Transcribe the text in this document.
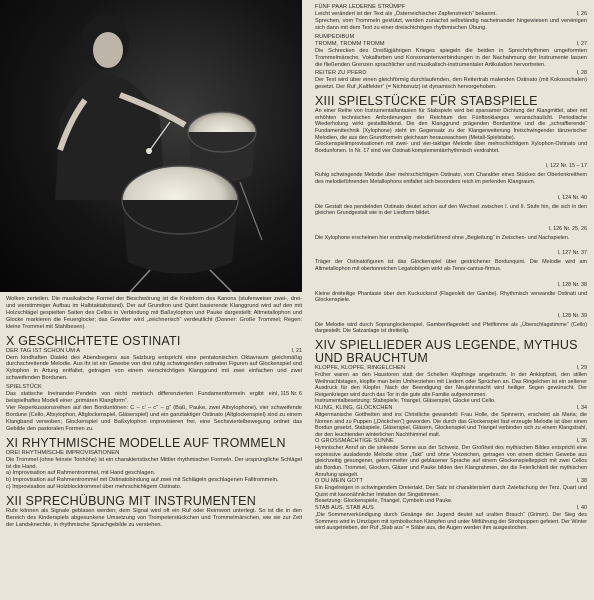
Wolken zerteilen. Die musikalische Formel der Beschwörung ist die Kreisform des Kanons (stufenweiser zwei-, drei- und vierstimmiger Aufbau im Halbtaktabstand). Der auf Grundton und Quint basierende Klanggrund wird auf den mit Holzschlägel gespielten Saiten des Cellos in Verbindung mit Baßxylophon und Pauke dargestellt; Altmetallophon und Glocke markieren die Feuerglocke; das Gewitter wird „zeichnerisch“ verdeutlicht (Donner: Große Trommel; Regen: kleine Trommel mit Stahlbesen).

X GESCHICHTETE OSTINATI
I, 21

DER TAG IST SCHON UM A

Dem kindhaften Dialekt des Abendsegens aus Salzburg entspricht eine pentatonischen Oktavraum gleichmäßig durchschreitende Melodie. Aus ihr ist ein Gewebe von drei ruhig schwingenden ostinaten Figuren auf Glockenspiel und Xylophon in Artung entfaltet, getragen von einem vierschichtigen Klanggrund mit zwei einfachen und zwei schweifenden Bordunen.

SPIELSTÜCK

I, 115 Nr. 6

Das statische Ineinander-Pendeln von nicht metrisch differenzierten Fundamentformeln ergibt ein beispielhaftes Modell einer „primären Klangform“.

Vier Reperkussionsreihen auf den Borduntönen: C – c' – c'' – g'' (Baß, Pauke, zwei Altxylophone), vier schweifende Bordune (Cello, Altxylophon, Altglockenspiel, Gläserspiel) und ein ganztaktiger Ostinato (Altglockenspiel) sind zu einem Klangband verwoben; Glockenspiel und Baßxylophon improvisieren frei, eine Sechsviertelbewegung ordnet das Gebilde den pastoralen Formen zu.

XI RHYTHMISCHE MODELLE AUF TROMMELN

DREI RHYTHMISCHE IMPROVISATIONEN

Die Trommel (ohne feinste Tonhöhe) ist ein charakteristischer Mittler rhythmischer Formeln. Der ursprüngliche Schlägel ist die Hand.

a) Improvisation auf Rahmentrommel, mit Hand geschlagen.
b) Improvisation auf Rahmentrommel mit Ostinatobindung auf zwei mit Schlägeln geschlagenen Falltrommeln.
c) Improvisation auf Holzblocktrommel über mehrschichtigem Ostinato.
XII SPRECHÜBUNG MIT INSTRUMENTEN

Rufe können als Signale geblasen werden; dem Signal wird oft ein Ruf oder Reimwort unterlegt. So ist die in den Bereich des Kinderspiels abgesunkene Umsetzung von Trompeterstückchen und Trommelmärschen, wie sie zur Zeit der Landsknechte, in rhythmische Sprachgebilde zu verstehen.

FÜNF PAAR LEDERNE STRÜMPF

I, 26

Leicht verändert ist der Text als „Österreichischer Zapfenstreich“ bekannt.

Sprechen, vom Trommeln gestützt, werden zunächst selbständig nacheinander hingewiesen und vereinigen sich dann mit dem Text zu einer dreischichtigen rhythmischen Übung.

RUMPEDIBUM

I, 27

TROMM, TROMM TROMM

Die Schrecken des Dreißigjährigen Krieges spiegeln die beiden in Sprechrhythmen umgeformten Trommelmärsche. Vokalfarben und Konsonantenverbindungen in der Nachahmung der Instrumente lassen die fließenden Grenzen sprachlicher und musikalisch-instrumentaler Artikulation hervortreten.

I, 28

REITER ZU PFERD

Der Text wird über einen gleichförmig durchlaufenden, den Reitertrab malenden Ostinato (mit Kokosschalen) gesetzt. Der Ruf „Kaltfekter“ (= Nichtsnutz) ist dynamisch hervorgehoben.

XIII SPIELSTÜCKE FÜR STABSPIELE

An einer Reihe von Instrumentalfantasien für Stabspiele wird bei sparsamer Dichtung der Klangmittel, aber mit erhöhten technischen Anforderungen der Reichtum des Fünftonklanges veranschaulicht. Periodische Wiederholung wirkt gestaltbildend. Die den Klanggrund prägenden Borduntöne und die „schraffierende“ Fundamenttechnik (Xylophone) steht im Gegensatz zu der Klangerweiterung freischwingender tänzerischer Melodien, die aus den Grundformeln gleichsam herauswachsen (Metall-Spielstabe).

Glockenspielimprovisationen mit zwei- und vier-taktiger Melodie über mehrschichtigem Xylophon-Ostinato und Bordunfonen. In Nr. 17 sind vier Ostinati komplementärrhythmisch verdrahtet.

I, 122 Nr. 15 – 17

Ruhig schwingende Melodie über mehrschichtigem Ostinato, vom Charakter eines Stückes der Oberlenkreithem des melodieführenden Metallophons entfaltet sich besonders reich im perlenden Klangraum.

I, 124 Nr. 40

Die Gestalt des pendelnden Ostinato deutet schon auf den Wechsel zwischen I. und II. Stufe hin, die sich in den gleichen Grundgestalt wie in der Liedform bildet.

I, 126 Nr. 25, 26

Die Xylophone erscheinen hier erstmalig melodieführend ohne „Begleitung“ in Zwischen- und Nachspielen.

I, 127 Nr. 37

Träger der Ostinatofiguren ist das Glockenspiel über gestrichener Bordunquint. Die Melodie wird am Altmetallophon mit obertonreichen Legatobögen wirkt als Tenor-cantus-firmus.

I, 128 Nr. 38

Kleine dreiteilige Phantasie über den Kuckucksruf (Flageolett der Gambe). Rhythmisch verwandte Ostinati und Glockenspiele.

I, 128 Nr. 39

Die Melodie wird durch Sopranglockenspiel, Gambenflageolett und Pfeiftimme als „Überschlagstimme“ (Cello) dargestellt. Die Satzanlage ist dreiteilig.

XIV SPIELLIEDER AUS LEGENDE, MYTHUS UND BRAUCHTUM
I, 29

KLOPFE, KLOPFE, RINGELCHEN

Früher waren an den Haustoren statt der Schellen Klopfringe angebracht. In der Anklopfzeit, den stillen Weihnachtstagen, klopfte man beim Umherziehen mit Liedern oder Sprüchen an. Das Ringelchen ist ein seltener Ausdruck für den Klopfer. Nach der Beendigung der Neujahrsnacht wird heiliger Segen gewünscht. Der Reigenkrieger wird durch das Tor in die gute alte Familie aufgenommen.

Instrumentalbesetzung: Stabspiele, Triangel, Gläserspiel, Glocke und Cello.

I, 34

KLING, KLING, GLÖCKCHEN

Altgermanische Gottheiten sind ins Christliche gewandelt: Frau Holle, die Spinnerin, erscheint als Maria; die Nornen sind zu Puppen („Döckchen“) geworden. Die durch das Glockenspiel fast erzeugte Melodie ist über einen Bordun gesetzt, Stabspiele, Gläserspiel, Gläsern, Glockenspiel und Triangel verbinden sich zu einem Klangstrahl, der den leuchtenden winterlichen Nachthimmel malt.

I, 36

O GROSSMÄCHTIGE SUNNE

Hymnischer Anruf an die sinkende Sonne aus der Schweiz. Der Großheit des mythischen Bildes entspricht eine expressive ausladende Melodie ohne „Takt“ und ohne Vorzeichen, getragen von einem dichten Gewebe aus gleichzeitig gesungener, getrommelter und geblasener Sprache auf einem Glockenspielteppich mit zwei Cellos als Bordun. Trommel, Glocken, Gläser und Pauke bilden den Klangrahmen, der die Feierlichkeit der mythischen Anrufung spiegelt.

I, 38

O DU MEIN GOTT

Ein Engelreigen in schwingendem Dreiertakt. Der Satz ist charakterisiert durch Zwiefachung der Terz, Quart und Quint mit kanonähnlicher Imitation der Singstimmen.

Besetzung: Glockenspiele, Triangel, Cymbeln und Pauke.

I, 40

STAB AUS, STAB AUS

„Die Sommerverkündigung durch Gesänge der Jugend deutet auf uralten Brauch“ (Grimm). Der Sieg des Sommers wird in Umzügen mit symbolischen Kämpfen und unter Mitführung der Strohpuppen gefeiert. Der Winter wird ausgetrieben, der Ruf „Stab aus“ = Stäbe aus, die Augen werden ihm ausgestochen.
